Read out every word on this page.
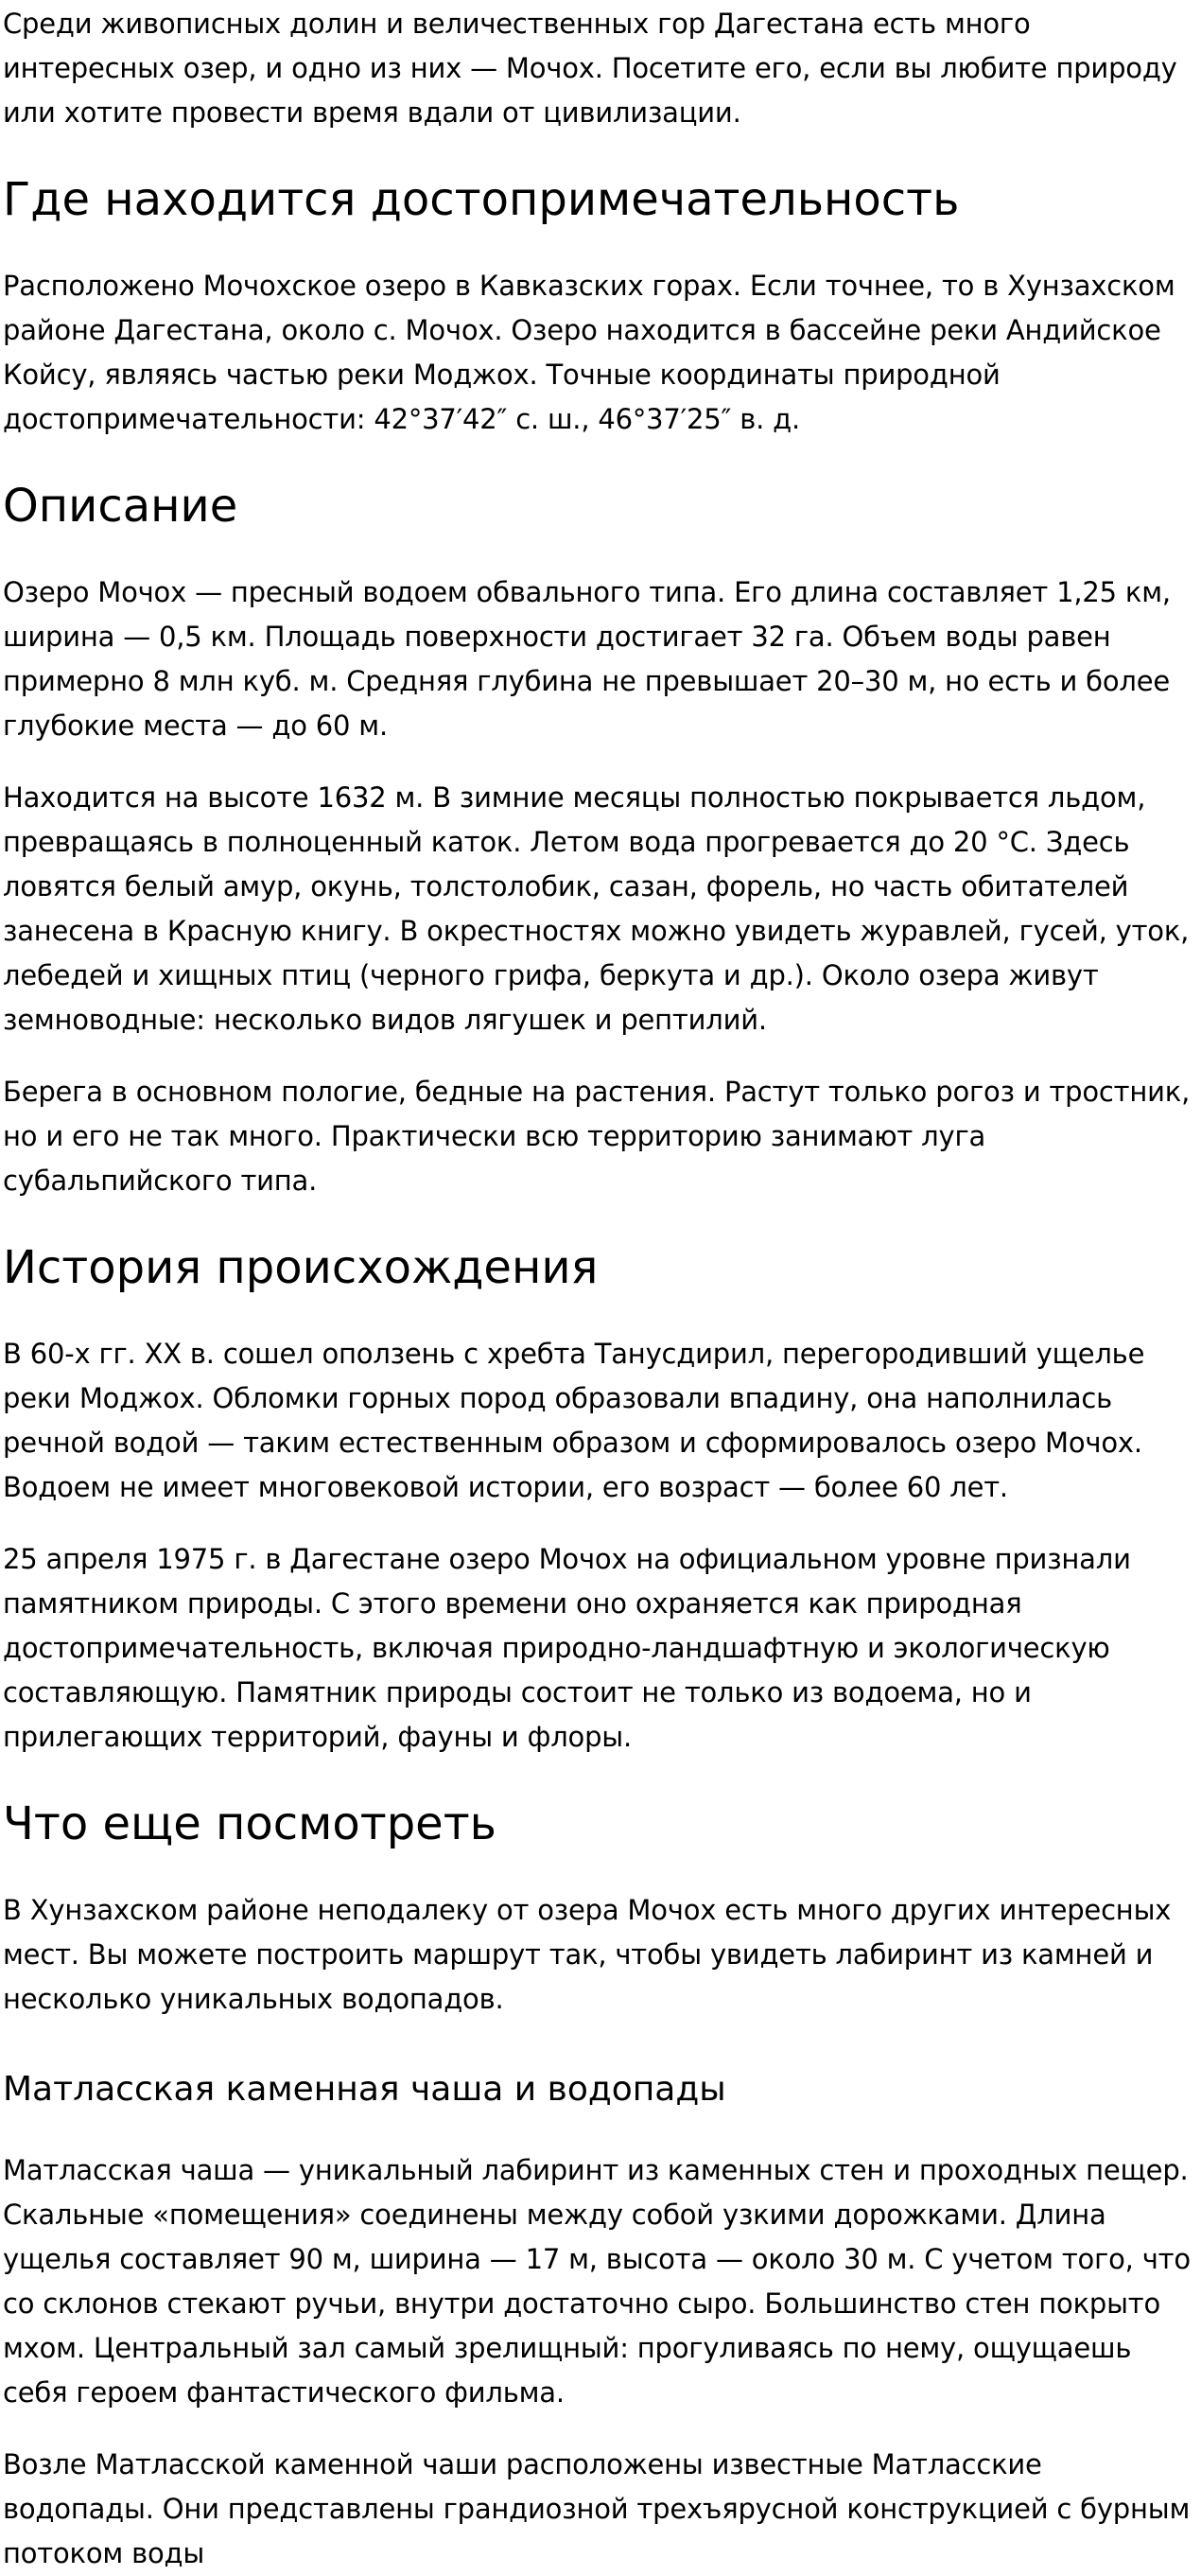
Среди живописных долин и величественных гор Дагестана есть много интересных озер, и одно из них — Мочох. Посетите его, если вы любите природу или хотите провести время вдали от цивилизации.

Где находится достопримечательность

Расположено Мочохское озеро в Кавказских горах. Если точнее, то в Хунзахском районе Дагестана, около с. Мочох. Озеро находится в бассейне реки Андийское Койсу, являясь частью реки Моджох. Точные координаты природной достопримечательности: 42°37′42″ с. ш., 46°37′25″ в. д.

Описание

Озеро Мочох — пресный водоем обвального типа. Его длина составляет 1,25 км, ширина — 0,5 км. Площадь поверхности достигает 32 га. Объем воды равен примерно 8 млн куб. м. Средняя глубина не превышает 20–30 м, но есть и более глубокие места — до 60 м.

Находится на высоте 1632 м. В зимние месяцы полностью покрывается льдом, превращаясь в полноценный каток. Летом вода прогревается до 20 °C. Здесь ловятся белый амур, окунь, толстолобик, сазан, форель, но часть обитателей занесена в Красную книгу. В окрестностях можно увидеть журавлей, гусей, уток, лебедей и хищных птиц (черного грифа, беркута и др.). Около озера живут земноводные: несколько видов лягушек и рептилий.

Берега в основном пологие, бедные на растения. Растут только рогоз и тростник, но и его не так много. Практически всю территорию занимают луга субальпийского типа.

История происхождения

В 60-х гг. XX в. сошел оползень с хребта Танусдирил, перегородивший ущелье реки Моджох. Обломки горных пород образовали впадину, она наполнилась речной водой — таким естественным образом и сформировалось озеро Мочох. Водоем не имеет многовековой истории, его возраст — более 60 лет.

25 апреля 1975 г. в Дагестане озеро Мочох на официальном уровне признали памятником природы. С этого времени оно охраняется как природная достопримечательность, включая природно-ландшафтную и экологическую составляющую. Памятник природы состоит не только из водоема, но и прилегающих территорий, фауны и флоры.

Что еще посмотреть

В Хунзахском районе неподалеку от озера Мочох есть много других интересных мест. Вы можете построить маршрут так, чтобы увидеть лабиринт из камней и несколько уникальных водопадов.

Матласская каменная чаша и водопады

Матласская чаша — уникальный лабиринт из каменных стен и проходных пещер. Скальные «помещения» соединены между собой узкими дорожками. Длина ущелья составляет 90 м, ширина — 17 м, высота — около 30 м. С учетом того, что со склонов стекают ручьи, внутри достаточно сыро. Большинство стен покрыто мхом. Центральный зал самый зрелищный: прогуливаясь по нему, ощущаешь себя героем фантастического фильма.

Возле Матласской каменной чаши расположены известные Матласские водопады. Они представлены грандиозной трехъярусной конструкцией с бурным потоком воды
